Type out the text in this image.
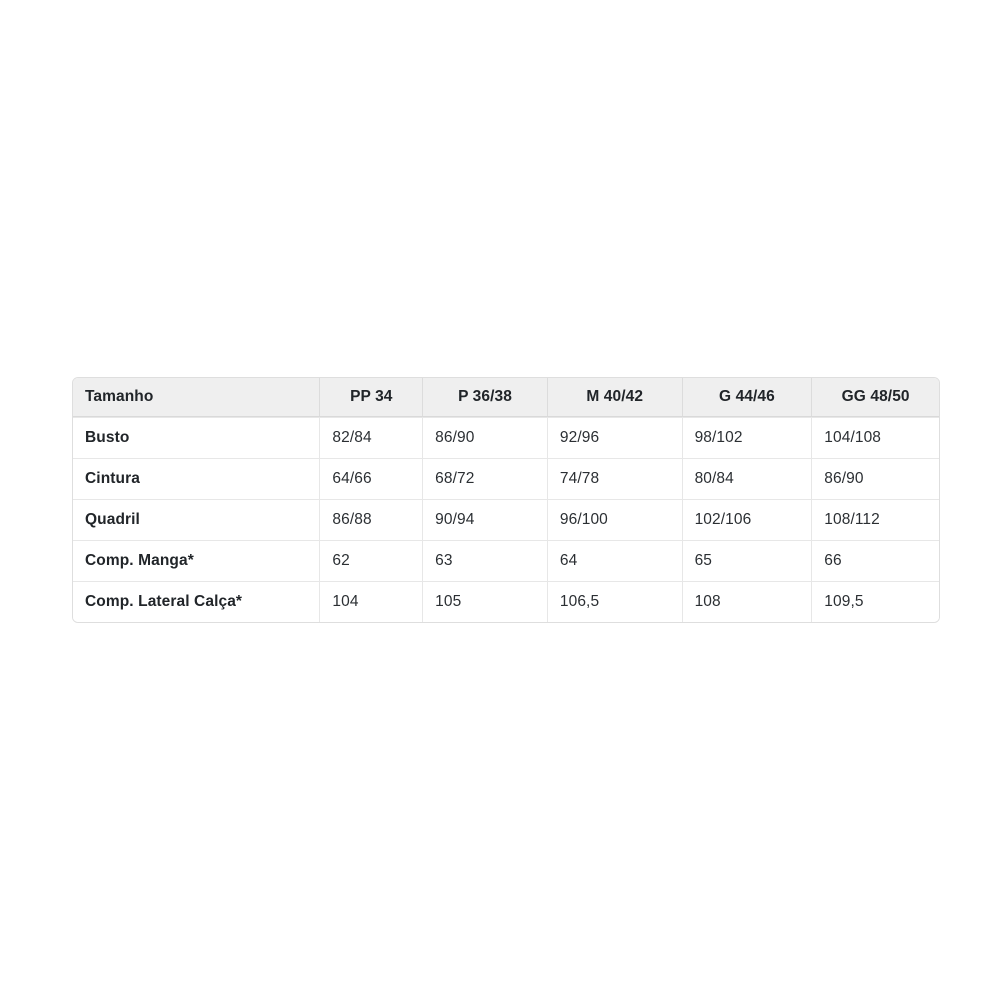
Tamanho	PP 34	P 36/38	M 40/42	G 44/46	GG 48/50
Busto	82/84	86/90	92/96	98/102	104/108
Cintura	64/66	68/72	74/78	80/84	86/90
Quadril	86/88	90/94	96/100	102/106	108/112
Comp. Manga*	62	63	64	65	66
Comp. Lateral Calça*	104	105	106,5	108	109,5
